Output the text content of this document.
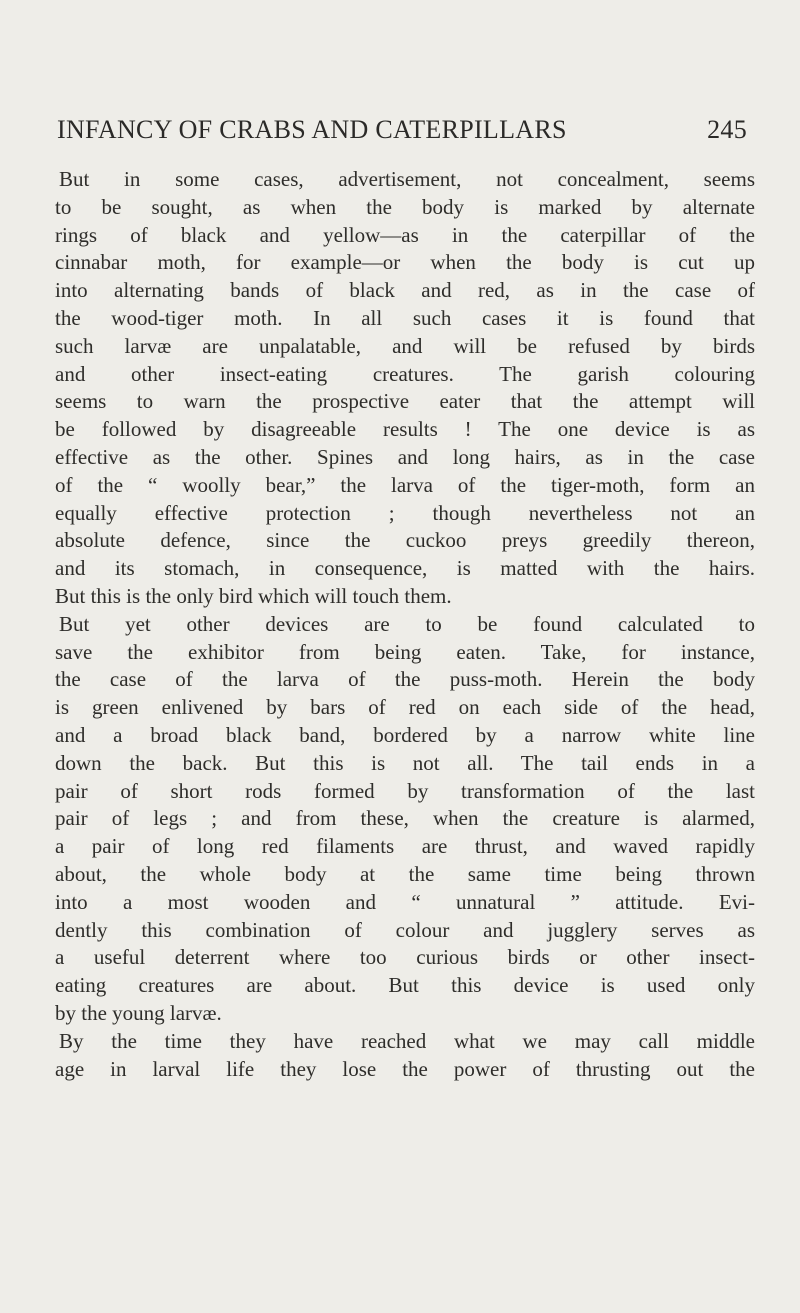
INFANCY OF CRABS AND CATERPILLARS	245
But in some cases, advertisement, not concealment, seems
to be sought, as when the body is marked by alternate
rings of black and yellow—as in the caterpillar of the
cinnabar moth, for example—or when the body is cut up
into alternating bands of black and red, as in the case of
the wood-tiger moth. In all such cases it is found that
such larvæ are unpalatable, and will be refused by birds
and other insect-eating creatures. The garish colouring
seems to warn the prospective eater that the attempt will
be followed by disagreeable results ! The one device is as
effective as the other. Spines and long hairs, as in the case
of the “ woolly bear,” the larva of the tiger-moth, form an
equally effective protection ; though nevertheless not an
absolute defence, since the cuckoo preys greedily thereon,
and its stomach, in consequence, is matted with the hairs.
But this is the only bird which will touch them.
But yet other devices are to be found calculated to
save the exhibitor from being eaten. Take, for instance,
the case of the larva of the puss-moth. Herein the body
is green enlivened by bars of red on each side of the head,
and a broad black band, bordered by a narrow white line
down the back. But this is not all. The tail ends in a
pair of short rods formed by transformation of the last
pair of legs ; and from these, when the creature is alarmed,
a pair of long red filaments are thrust, and waved rapidly
about, the whole body at the same time being thrown
into a most wooden and “ unnatural ” attitude. Evi-
dently this combination of colour and jugglery serves as
a useful deterrent where too curious birds or other insect-
eating creatures are about. But this device is used only
by the young larvæ.
By the time they have reached what we may call middle
age in larval life they lose the power of thrusting out the
